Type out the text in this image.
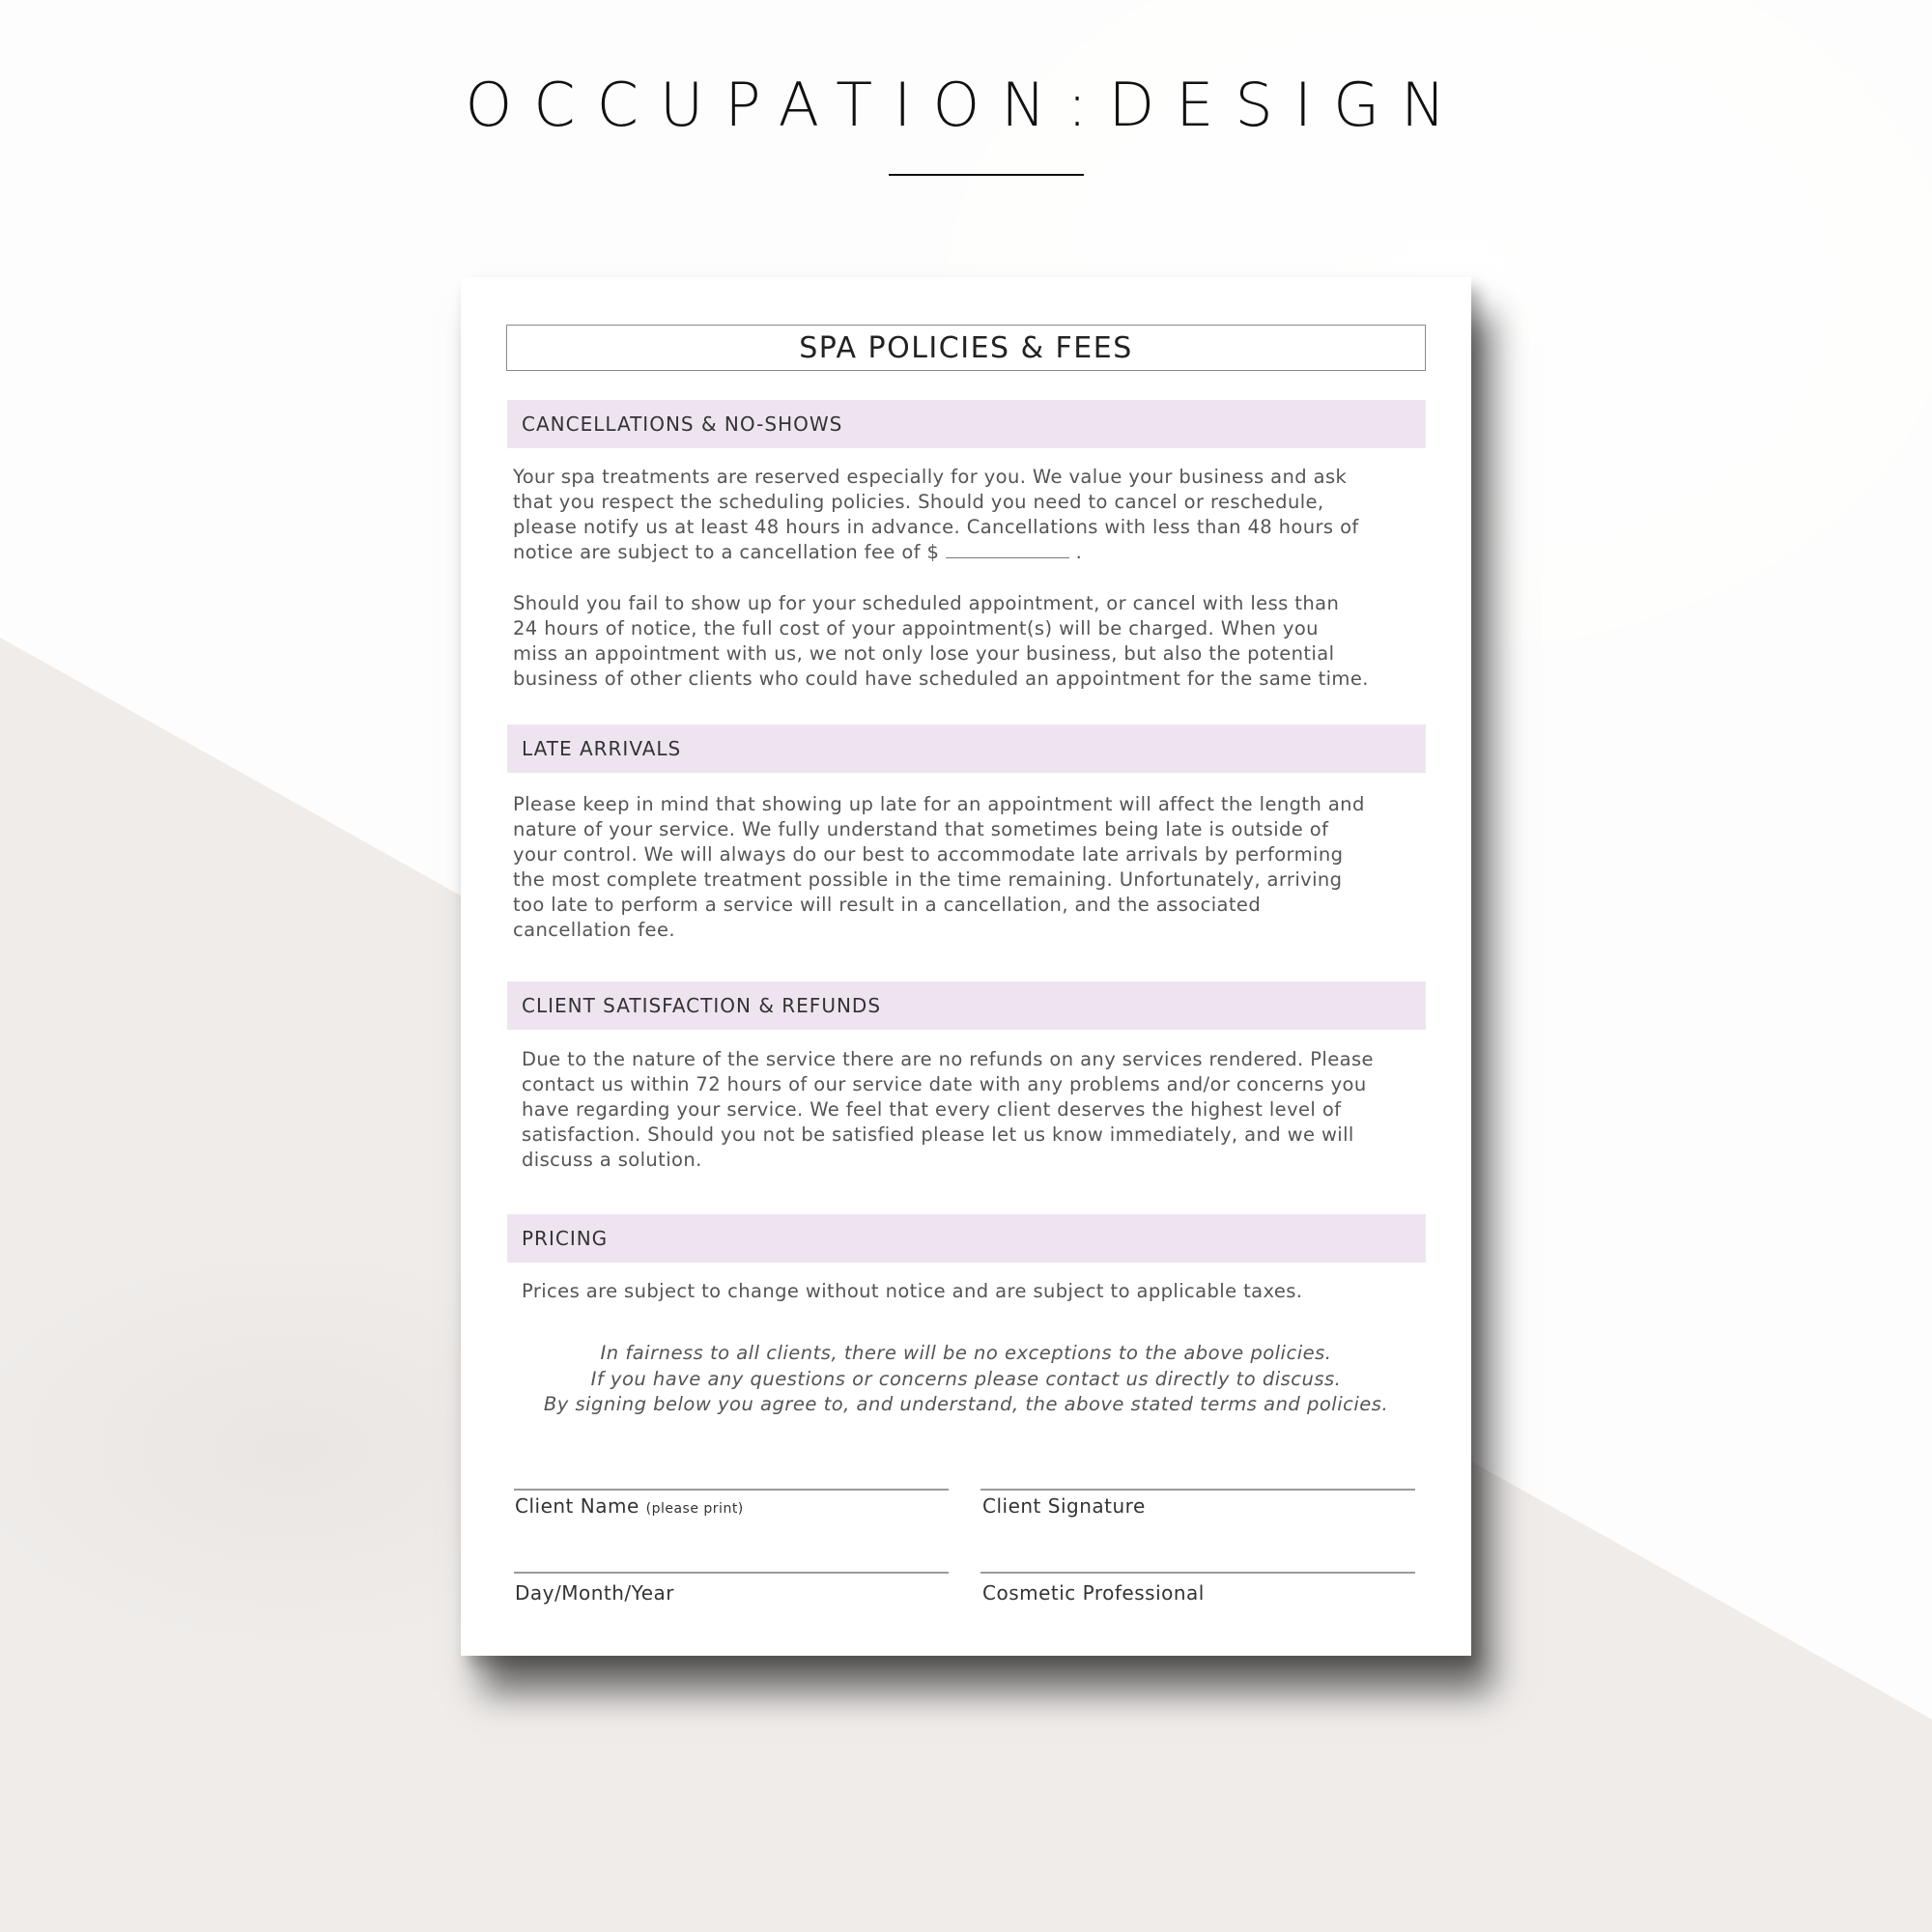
OCCUPATION:DESIGN
SPA POLICIES & FEES
CANCELLATIONS & NO-SHOWS
Your spa treatments are reserved especially for you. We value your business and ask
that you respect the scheduling policies. Should you need to cancel or reschedule,
please notify us at least 48 hours in advance. Cancellations with less than 48 hours of
notice are subject to a cancellation fee of $	.
Should you fail to show up for your scheduled appointment, or cancel with less than
24 hours of notice, the full cost of your appointment(s) will be charged. When you
miss an appointment with us, we not only lose your business, but also the potential
business of other clients who could have scheduled an appointment for the same time.
LATE ARRIVALS
Please keep in mind that showing up late for an appointment will affect the length and
nature of your service. We fully understand that sometimes being late is outside of
your control. We will always do our best to accommodate late arrivals by performing
the most complete treatment possible in the time remaining. Unfortunately, arriving
too late to perform a service will result in a cancellation, and the associated
cancellation fee.
CLIENT SATISFACTION & REFUNDS
Due to the nature of the service there are no refunds on any services rendered. Please
contact us within 72 hours of our service date with any problems and/or concerns you
have regarding your service. We feel that every client deserves the highest level of
satisfaction. Should you not be satisfied please let us know immediately, and we will
discuss a solution.
PRICING
Prices are subject to change without notice and are subject to applicable taxes.
In fairness to all clients, there will be no exceptions to the above policies.
If you have any questions or concerns please contact us directly to discuss.
By signing below you agree to, and understand, the above stated terms and policies.
Client Name (please print)	Client Signature
Day/Month/Year	Cosmetic Professional
